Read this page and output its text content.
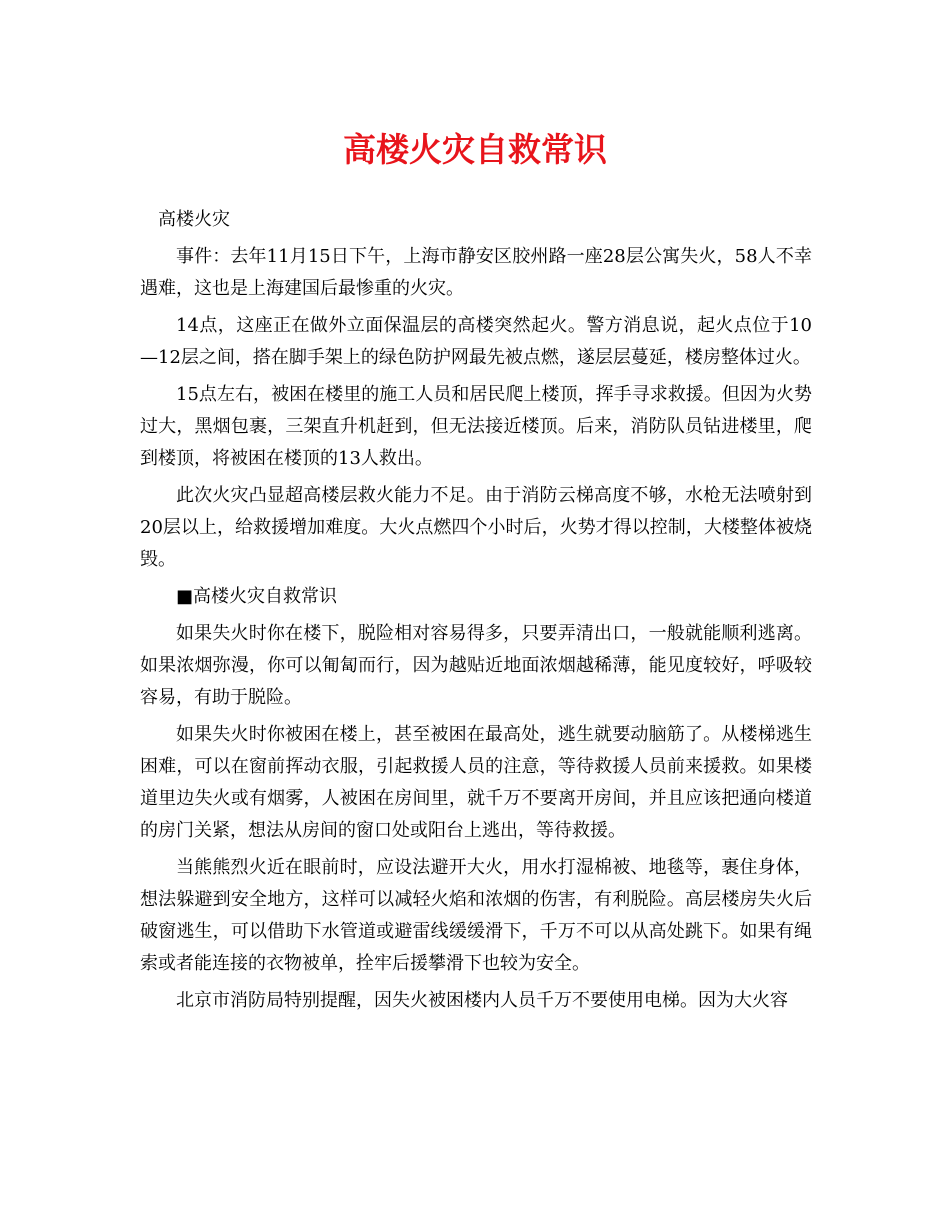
高楼火灾自救常识

高楼火灾

事件：去年11月15日下午，上海市静安区胶州路一座28层公寓失火，58人不幸遇难，这也是上海建国后最惨重的火灾。

14点，这座正在做外立面保温层的高楼突然起火。警方消息说，起火点位于10—12层之间，搭在脚手架上的绿色防护网最先被点燃，遂层层蔓延，楼房整体过火。

15点左右，被困在楼里的施工人员和居民爬上楼顶，挥手寻求救援。但因为火势过大，黑烟包裹，三架直升机赶到，但无法接近楼顶。后来，消防队员钻进楼里，爬到楼顶，将被困在楼顶的13人救出。

此次火灾凸显超高楼层救火能力不足。由于消防云梯高度不够，水枪无法喷射到20层以上，给救援增加难度。大火点燃四个小时后，火势才得以控制，大楼整体被烧毁。

■高楼火灾自救常识

如果失火时你在楼下，脱险相对容易得多，只要弄清出口，一般就能顺利逃离。如果浓烟弥漫，你可以匍匐而行，因为越贴近地面浓烟越稀薄，能见度较好，呼吸较容易，有助于脱险。

如果失火时你被困在楼上，甚至被困在最高处，逃生就要动脑筋了。从楼梯逃生困难，可以在窗前挥动衣服，引起救援人员的注意，等待救援人员前来援救。如果楼道里边失火或有烟雾，人被困在房间里，就千万不要离开房间，并且应该把通向楼道的房门关紧，想法从房间的窗口处或阳台上逃出，等待救援。

当熊熊烈火近在眼前时，应设法避开大火，用水打湿棉被、地毯等，裹住身体，想法躲避到安全地方，这样可以减轻火焰和浓烟的伤害，有利脱险。高层楼房失火后破窗逃生，可以借助下水管道或避雷线缓缓滑下，千万不可以从高处跳下。如果有绳索或者能连接的衣物被单，拴牢后援攀滑下也较为安全。

北京市消防局特别提醒，因失火被困楼内人员千万不要使用电梯。因为大火容
